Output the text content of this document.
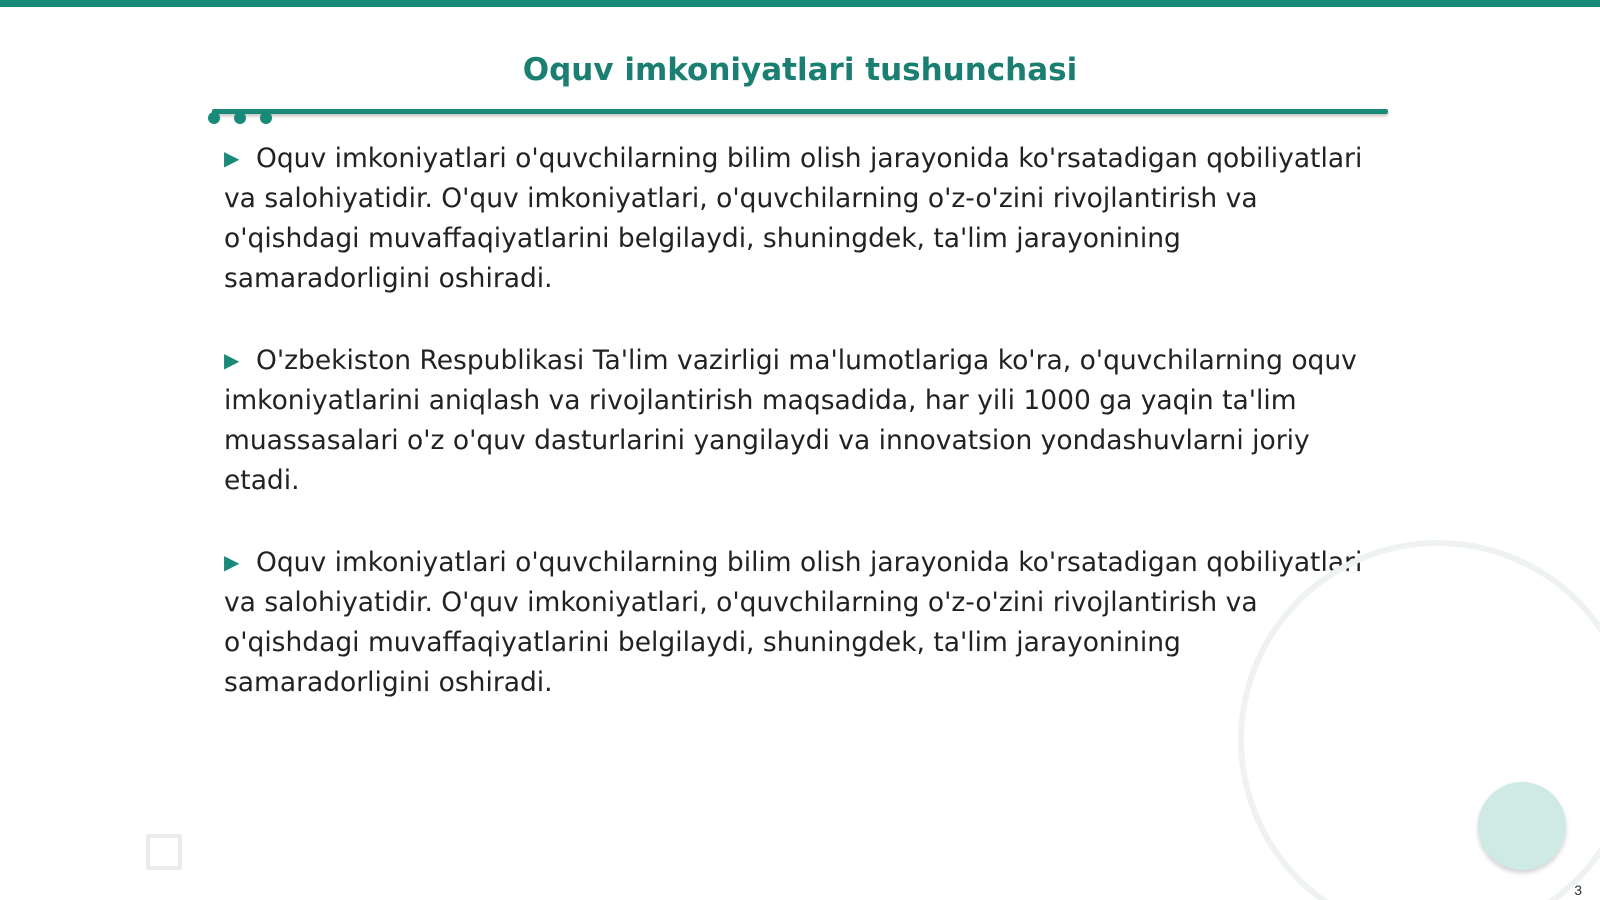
Oquv imkoniyatlari tushunchasi

▶ Oquv imkoniyatlari o'quvchilarning bilim olish jarayonida ko'rsatadigan qobiliyatlari va salohiyatidir. O'quv imkoniyatlari, o'quvchilarning o'z-o'zini rivojlantirish va o'qishdagi muvaffaqiyatlarini belgilaydi, shuningdek, ta'lim jarayonining samaradorligini oshiradi.

▶ O'zbekiston Respublikasi Ta'lim vazirligi ma'lumotlariga ko'ra, o'quvchilarning oquv imkoniyatlarini aniqlash va rivojlantirish maqsadida, har yili 1000 ga yaqin ta'lim muassasalari o'z o'quv dasturlarini yangilaydi va innovatsion yondashuvlarni joriy etadi.

▶ Oquv imkoniyatlari o'quvchilarning bilim olish jarayonida ko'rsatadigan qobiliyatlari va salohiyatidir. O'quv imkoniyatlari, o'quvchilarning o'z-o'zini rivojlantirish va o'qishdagi muvaffaqiyatlarini belgilaydi, shuningdek, ta'lim jarayonining samaradorligini oshiradi.

3
